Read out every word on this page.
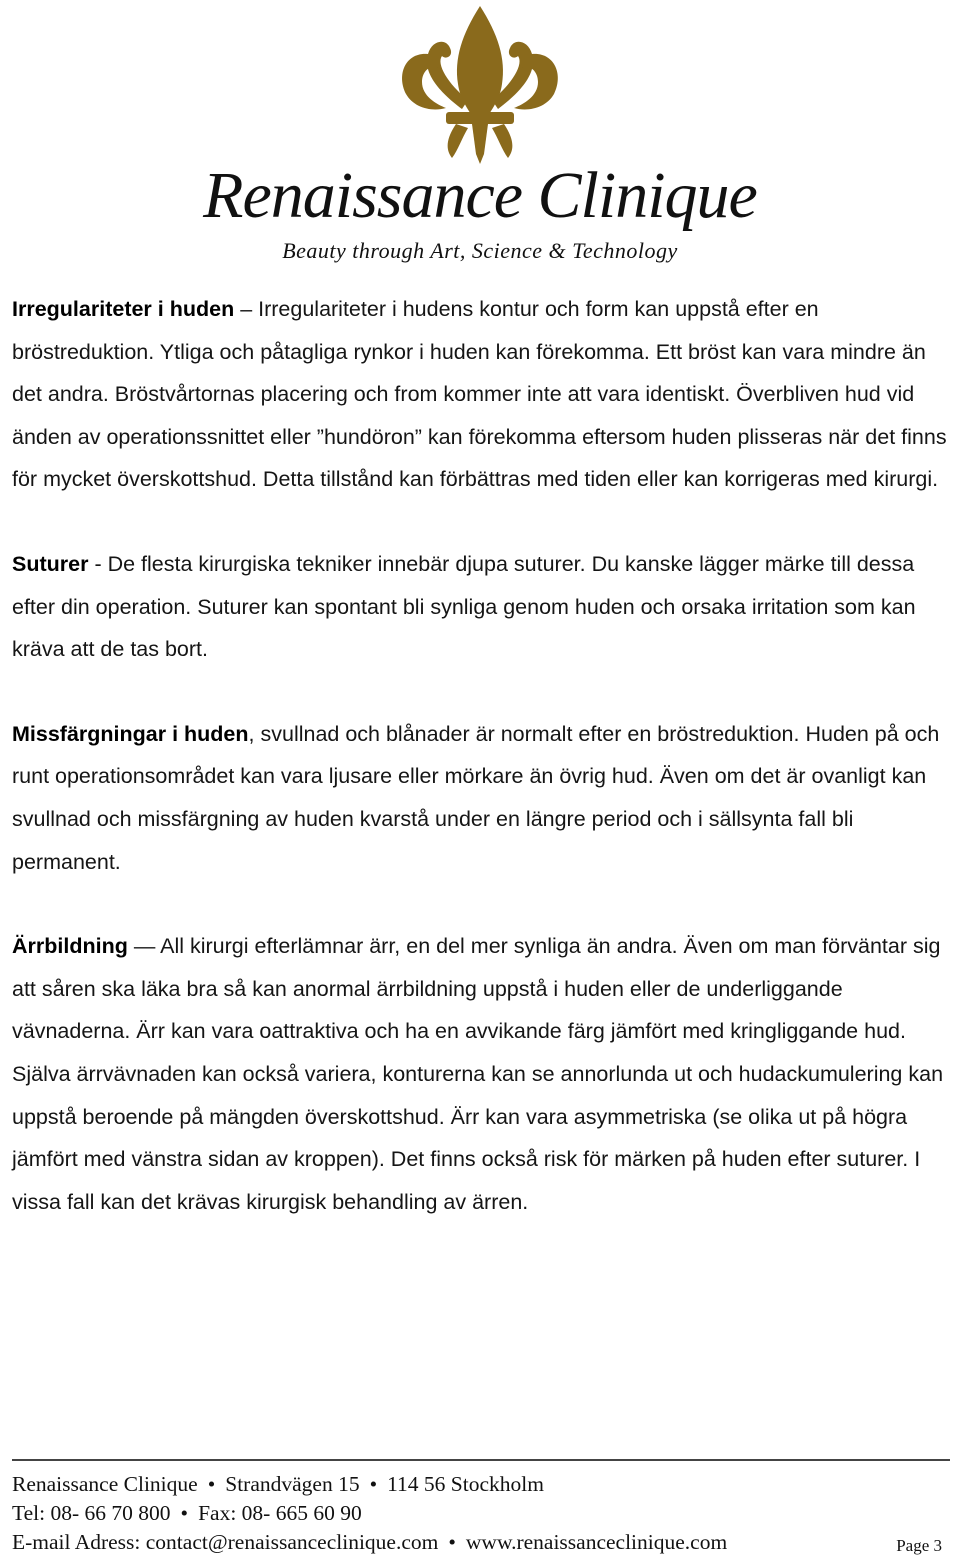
Renaissance Clinique
Beauty through Art, Science & Technology

Irregulariteter i huden – Irregulariteter i hudens kontur och form kan uppstå efter en bröstreduktion. Ytliga och påtagliga rynkor i huden kan förekomma. Ett bröst kan vara mindre än det andra. Bröstvårtornas placering och from kommer inte att vara identiskt. Överbliven hud vid änden av operationssnittet eller ”hundöron” kan förekomma eftersom huden plisseras när det finns för mycket överskottshud. Detta tillstånd kan förbättras med tiden eller kan korrigeras med kirurgi.

Suturer - De flesta kirurgiska tekniker innebär djupa suturer. Du kanske lägger märke till dessa efter din operation. Suturer kan spontant bli synliga genom huden och orsaka irritation som kan kräva att de tas bort.

Missfärgningar i huden, svullnad och blånader är normalt efter en bröstreduktion. Huden på och runt operationsområdet kan vara ljusare eller mörkare än övrig hud. Även om det är ovanligt kan svullnad och missfärgning av huden kvarstå under en längre period och i sällsynta fall bli permanent.

Ärrbildning — All kirurgi efterlämnar ärr, en del mer synliga än andra. Även om man förväntar sig att såren ska läka bra så kan anormal ärrbildning uppstå i huden eller de underliggande vävnaderna. Ärr kan vara oattraktiva och ha en avvikande färg jämfört med kringliggande hud. Själva ärrvävnaden kan också variera, konturerna kan se annorlunda ut och hudackumulering kan uppstå beroende på mängden överskottshud. Ärr kan vara asymmetriska (se olika ut på högra jämfört med vänstra sidan av kroppen). Det finns också risk för märken på huden efter suturer. I vissa fall kan det krävas kirurgisk behandling av ärren.

Renaissance Clinique • Strandvägen 15 • 114 56 Stockholm
Tel: 08- 66 70 800 • Fax: 08- 665 60 90
E-mail Adress: contact@renaissanceclinique.com • www.renaissanceclinique.com	Page 3
